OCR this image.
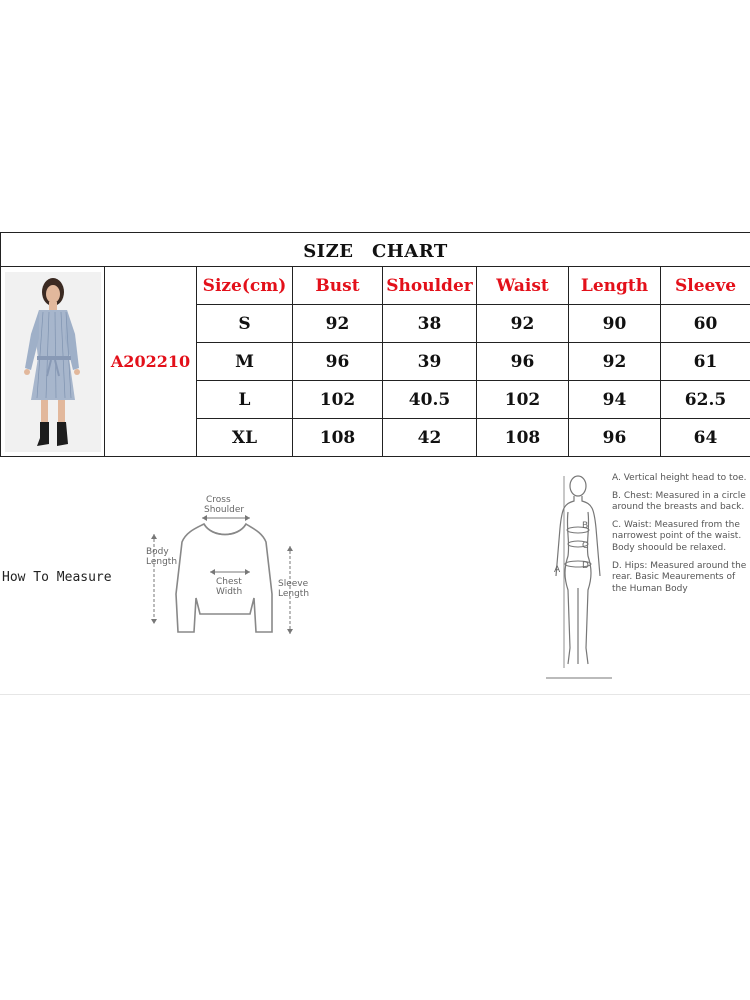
SIZE　CHART							

	A202210	Size(cm)	Bust	Shoulder	Waist	Length	Sleeve
		S	92	38	92	90	60
		M	96	39	96	92	61
		L	102	40.5	102	94	62.5
		XL	108	42	108	96	64
How To Measure
Cross
Shoulder
Body
Length
Chest
Width
Sleeve
Length
B
C
D
A
A. Vertical height head to toe.
B. Chest: Measured in a circle around the breasts and back.
C. Waist: Measured from the narrowest point of the waist. Body shoould be relaxed.
D. Hips: Measured around the rear. Basic Meaurements of the Human Body
